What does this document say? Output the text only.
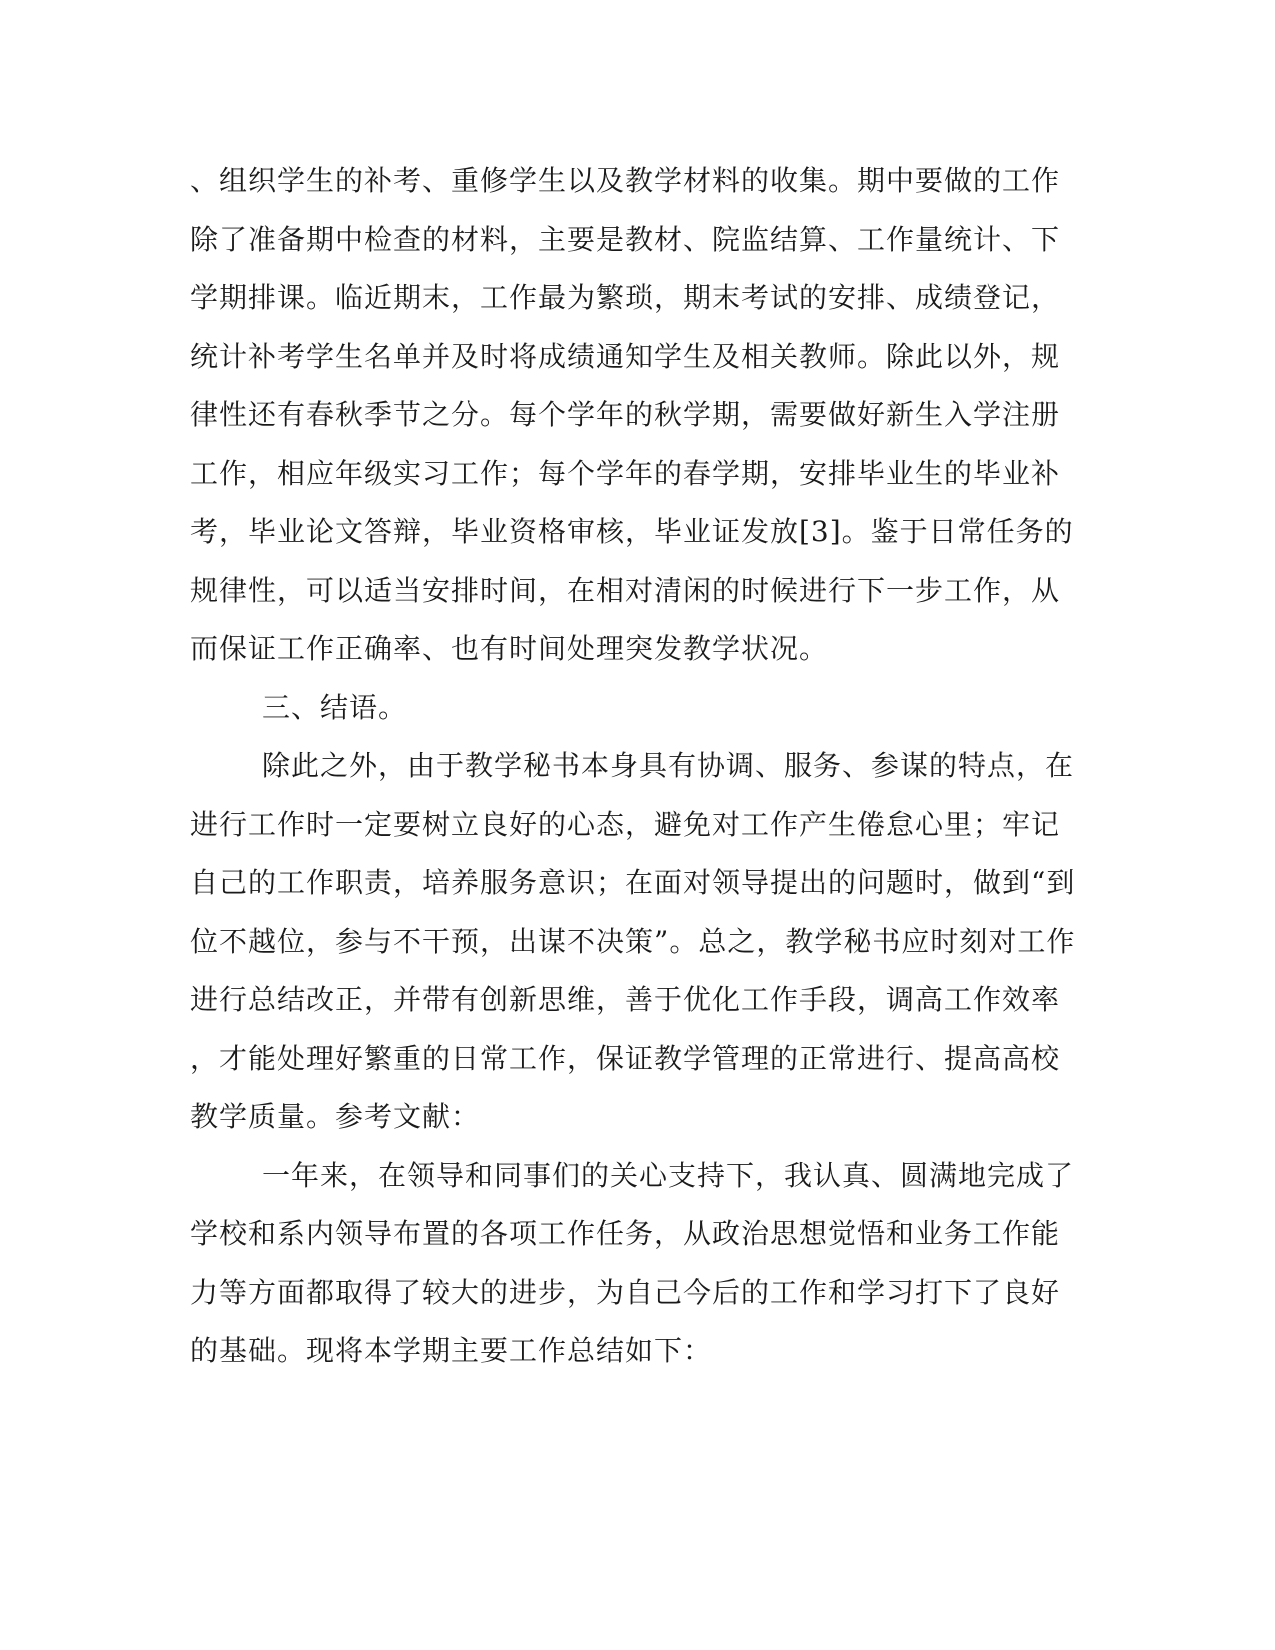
、组织学生的补考、重修学生以及教学材料的收集。期中要做的工作

除了准备期中检查的材料，主要是教材、院监结算、工作量统计、下

学期排课。临近期末，工作最为繁琐，期末考试的安排、成绩登记，

统计补考学生名单并及时将成绩通知学生及相关教师。除此以外，规

律性还有春秋季节之分。每个学年的秋学期，需要做好新生入学注册

工作，相应年级实习工作；每个学年的春学期，安排毕业生的毕业补

考，毕业论文答辩，毕业资格审核，毕业证发放[3]。鉴于日常任务的

规律性，可以适当安排时间，在相对清闲的时候进行下一步工作，从

而保证工作正确率、也有时间处理突发教学状况。

三、结语。

除此之外，由于教学秘书本身具有协调、服务、参谋的特点，在

进行工作时一定要树立良好的心态，避免对工作产生倦怠心里；牢记

自己的工作职责，培养服务意识；在面对领导提出的问题时，做到“到

位不越位，参与不干预，出谋不决策”。总之，教学秘书应时刻对工作

进行总结改正，并带有创新思维，善于优化工作手段，调高工作效率

，才能处理好繁重的日常工作，保证教学管理的正常进行、提高高校

教学质量。参考文献：

一年来，在领导和同事们的关心支持下，我认真、圆满地完成了

学校和系内领导布置的各项工作任务，从政治思想觉悟和业务工作能

力等方面都取得了较大的进步，为自己今后的工作和学习打下了良好

的基础。现将本学期主要工作总结如下：
